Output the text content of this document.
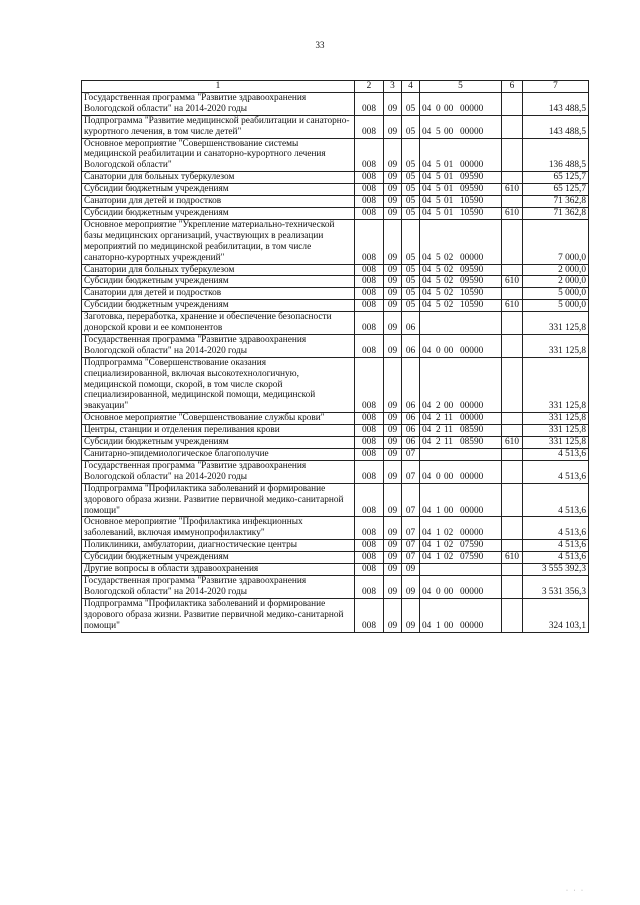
33
1	2	3	4	5	6	7
Государственная программа "Развитие здравоохранения Вологодской области" на 2014-2020 годы	008	09	05	04 0 00 00000		143 488,5
Подпрограмма "Развитие медицинской реабилитации и санаторно-курортного лечения, в том числе детей"	008	09	05	04 5 00 00000		143 488,5
Основное мероприятие "Совершенствование системы медицинской реабилитации и санаторно-курортного лечения Вологодской области"	008	09	05	04 5 01 00000		136 488,5
Санатории для больных туберкулезом	008	09	05	04 5 01 09590		65 125,7
Субсидии бюджетным учреждениям	008	09	05	04 5 01 09590	610	65 125,7
Санатории для детей и подростков	008	09	05	04 5 01 10590		71 362,8
Субсидии бюджетным учреждениям	008	09	05	04 5 01 10590	610	71 362,8
Основное мероприятие "Укрепление материально-технической базы медицинских организаций, участвующих в реализации мероприятий по медицинской реабилитации, в том числе санаторно-курортных учреждений"	008	09	05	04 5 02 00000		7 000,0
Санатории для больных туберкулезом	008	09	05	04 5 02 09590		2 000,0
Субсидии бюджетным учреждениям	008	09	05	04 5 02 09590	610	2 000,0
Санатории для детей и подростков	008	09	05	04 5 02 10590		5 000,0
Субсидии бюджетным учреждениям	008	09	05	04 5 02 10590	610	5 000,0
Заготовка, переработка, хранение и обеспечение безопасности донорской крови и ее компонентов	008	09	06			331 125,8
Государственная программа "Развитие здравоохранения Вологодской области" на 2014-2020 годы	008	09	06	04 0 00 00000		331 125,8
Подпрограмма "Совершенствование оказания специализированной, включая высокотехнологичную, медицинской помощи, скорой, в том числе скорой специализированной, медицинской помощи, медицинской эвакуации"	008	09	06	04 2 00 00000		331 125,8
Основное мероприятие "Совершенствование службы крови"	008	09	06	04 2 11 00000		331 125,8
Центры, станции и отделения переливания крови	008	09	06	04 2 11 08590		331 125,8
Субсидии бюджетным учреждениям	008	09	06	04 2 11 08590	610	331 125,8
Санитарно-эпидемиологическое благополучие	008	09	07			4 513,6
Государственная программа "Развитие здравоохранения Вологодской области" на 2014-2020 годы	008	09	07	04 0 00 00000		4 513,6
Подпрограмма "Профилактика заболеваний и формирование здорового образа жизни. Развитие первичной медико-санитарной помощи"	008	09	07	04 1 00 00000		4 513,6
Основное мероприятие "Профилактика инфекционных заболеваний, включая иммунопрофилактику"	008	09	07	04 1 02 00000		4 513,6
Поликлиники, амбулатории, диагностические центры	008	09	07	04 1 02 07590		4 513,6
Субсидии бюджетным учреждениям	008	09	07	04 1 02 07590	610	4 513,6
Другие вопросы в области здравоохранения	008	09	09			3 555 392,3
Государственная программа "Развитие здравоохранения Вологодской области" на 2014-2020 годы	008	09	09	04 0 00 00000		3 531 356,3
Подпрограмма "Профилактика заболеваний и формирование здорового образа жизни. Развитие первичной медико-санитарной помощи"	008	09	09	04 1 00 00000		324 103,1
· · ·
